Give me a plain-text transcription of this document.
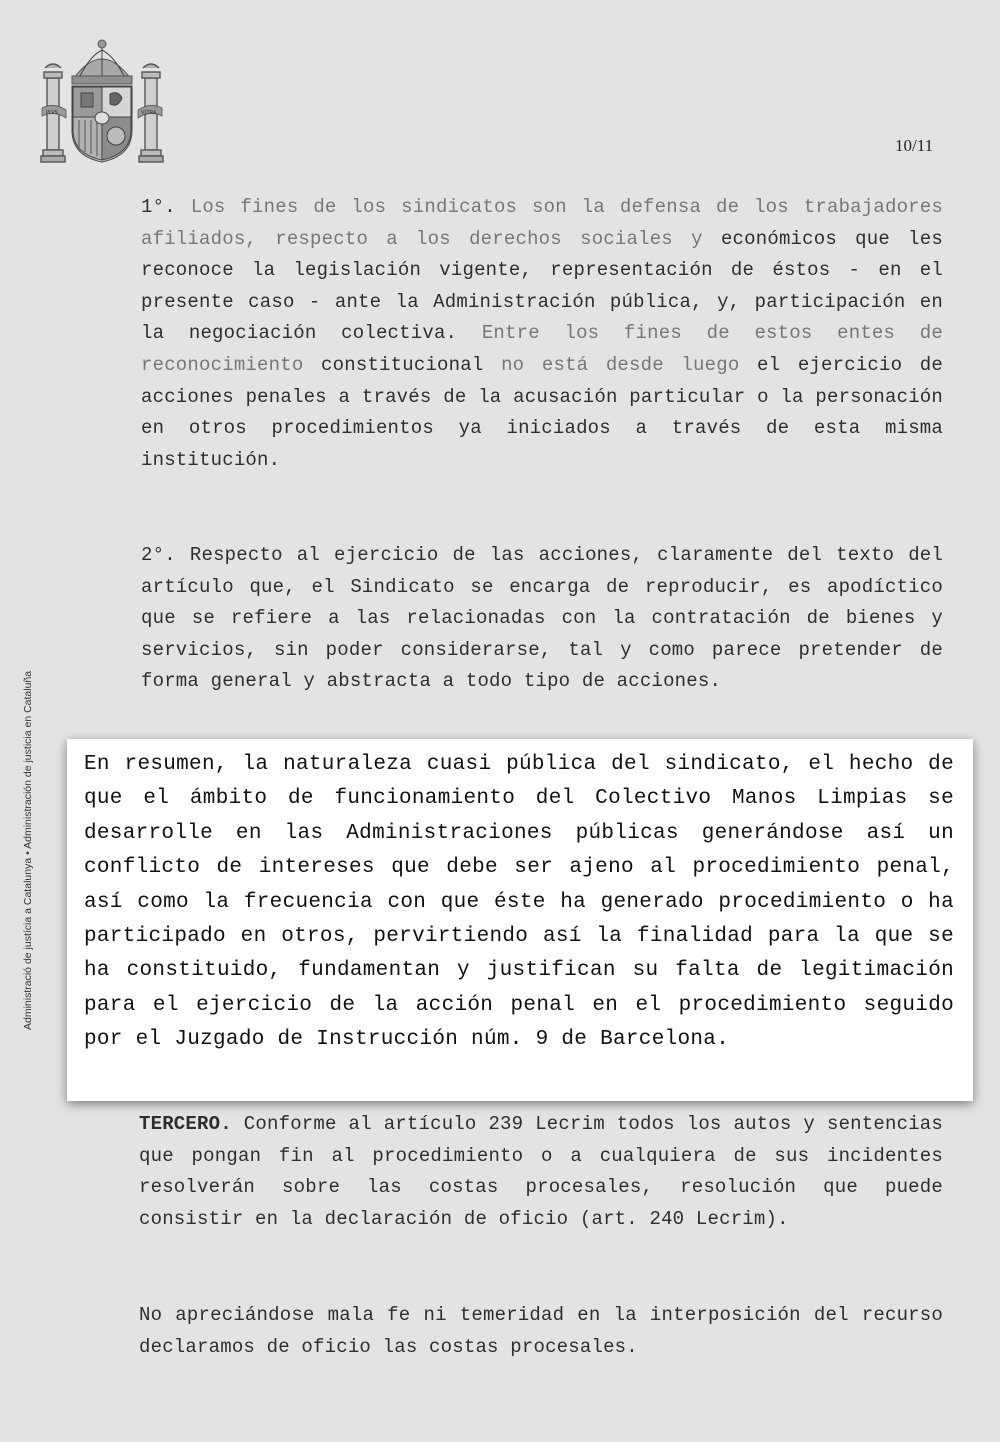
PLVS	VLTRA
10/11
Administració de justícia a Catalunya • Administración de justicia en Cataluña

1°. Los fines de los sindicatos son la defensa de los trabajadores afiliados, respecto a los derechos sociales y económicos que les reconoce la legislación vigente, representación de éstos - en el presente caso - ante la Administración pública, y, participación en la negociación colectiva. Entre los fines de estos entes de reconocimiento constitucional no está desde luego el ejercicio de acciones penales a través de la acusación particular o la personación en otros procedimientos ya iniciados a través de esta misma institución.

2°. Respecto al ejercicio de las acciones, claramente del texto del artículo que, el Sindicato se encarga de reproducir, es apodíctico que se refiere a las relacionadas con la contratación de bienes y servicios, sin poder considerarse, tal y como parece pretender de forma general y abstracta a todo tipo de acciones.

En resumen, la naturaleza cuasi pública del sindicato, el hecho de que el ámbito de funcionamiento del Colectivo Manos Limpias se desarrolle en las Administraciones públicas generándose así un conflicto de intereses que debe ser ajeno al procedimiento penal, así como la frecuencia con que éste ha generado procedimiento o ha participado en otros, pervirtiendo así la finalidad para la que se ha constituido, fundamentan y justifican su falta de legitimación para el ejercicio de la acción penal en el procedimiento seguido por el Juzgado de Instrucción núm. 9 de Barcelona.

TERCERO. Conforme al artículo 239 Lecrim todos los autos y sentencias que pongan fin al procedimiento o a cualquiera de sus incidentes resolverán sobre las costas procesales, resolución que puede consistir en la declaración de oficio (art. 240 Lecrim).

No apreciándose mala fe ni temeridad en la interposición del recurso declaramos de oficio las costas procesales.
